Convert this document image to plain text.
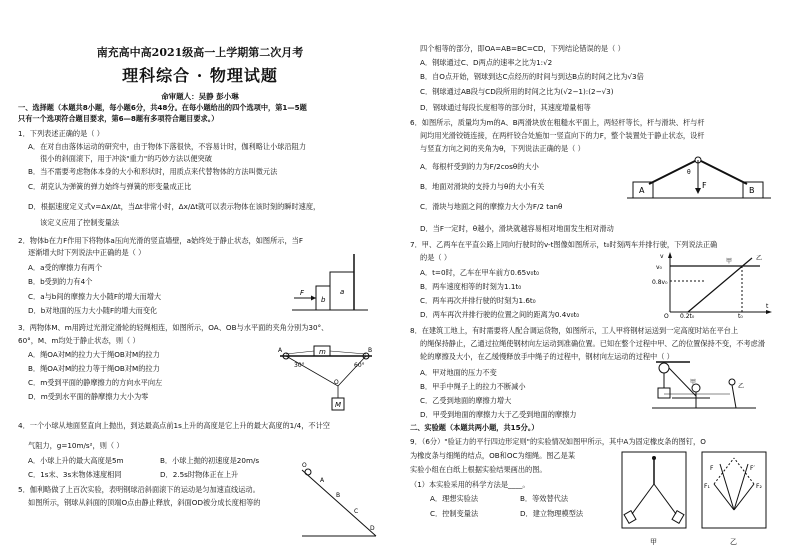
南充高中高2021级高一上学期第二次月考
理科综合 · 物理试题
命审题人：吴静 彭小琳
一、选择题（本题共8小题，每小题6分，共48分。在每小题给出的四个选项中，第1—5题
只有一个选项符合题目要求，第6—8题有多项符合题目要求。）
1．下列表述正确的是（ ）
A．在对自由落体运动的研究中，由于物体下落很快，不容易计时，伽利略让小球沿阻力
很小的斜面滚下，用于冲淡"重力"的巧妙方法以便突破
B．当不需要考虑物体本身的大小和形状时，用质点来代替物体的方法叫微元法
C．胡克认为弹簧的弹力始终与弹簧的形变量成正比
D．根据速度定义式v=Δx/Δt，当Δt非常小时，Δx/Δt就可以表示物体在该时刻的瞬时速度，
该定义应用了控制变量法
2．物体b在力F作用下将物体a压向光滑的竖直墙壁，a始终处于静止状态，如图所示，当F
逐渐增大时下列说法中正确的是（ ）
A．a受的摩擦力有两个
B．b受到的力有4个
C．a与b间的摩擦力大小随F的增大而增大
D．b对地面的压力大小随F的增大而变化
F
b
a
3．两物体M、m用跨过光滑定滑轮的轻绳相连，如图所示，OA、OB与水平面的夹角分别为30°、
60°，M、m均处于静止状态，则（ ）
A．绳OA对M的拉力大于绳OB对M的拉力
B．绳OA对M的拉力等于绳OB对M的拉力
C．m受到平面的静摩擦力的方向水平向左
D．m受到水平面的静摩擦力大小为零
m
M
A	B
O
30°	60°
4．一个小球从地面竖直向上抛出，到达最高点前1s上升的高度是它上升的最大高度的1/4，不计空
气阻力，g=10m/s²，则（ ）
A．小球上升的最大高度是5m	B．小球上抛的初速度是20m/s
C．1s末、3s末物体速度相同	D．2.5s时物体正在上升
5．伽利略做了上百次实验，表明钢球沿斜面滚下的运动是匀加速直线运动。
如图所示，钢球从斜面的顶端O点由静止释放，斜面OD被分成长度相等的
O
A
B
C
D
四个相等的部分，即OA=AB=BC=CD，下列结论错误的是（ ）
A．钢球通过C、D两点的速率之比为1:√2
B．自O点开始，钢球到达C点经历的时间与到达B点的时间之比为√3倍
C．钢球通过AB段与CD段所用的时间之比为(√2−1):(2−√3)
D．钢球通过每段长度相等的部分时，其速度增量相等
6．如图所示，质量均为m的A、B两滑块放在粗糙水平面上，两轻杆等长，杆与滑块、杆与杆
间均用光滑铰链连接，在两杆铰合处施加一竖直向下的力F，整个装置处于静止状态，设杆
与竖直方向之间的夹角为θ，下列说法正确的是（ ）
A．每根杆受到的力为F/2cosθ的大小
B．地面对滑块的支持力与θ的大小有关
C．滑块与地面之间的摩擦力大小为F/2 tanθ
D．当F一定时，θ越小，滑块就越容易相对地面发生相对滑动
A	B
F
θ
7．甲、乙两车在平直公路上同向行驶时的v-t图像如图所示，t₀时刻两车并排行驶，下列说法正确
的是（ ）
A．t=0时，乙车在甲车前方0.65v₀t₀
B．两车速度相等的时刻为1.1t₀
C．两车再次并排行驶的时刻为1.6t₀
D．两车再次并排行驶的位置之间的距离为0.4v₀t₀
v
v₀
0.8v₀
t
O 0.2t₀	t₀
甲	乙
8．在建筑工地上，有时需要将人配合调运货物，如图所示，工人甲将钢材运送到一定高度时站在平台上
的绳保持静止，乙通过拉绳使钢材向左运动到准确位置。已知在整个过程中甲、乙的位置保持不变，不考虑滑
轮的摩擦及大小，在乙缓慢释放手中绳子的过程中，钢材向左运动的过程中（ ）
A．甲对地面的压力不变
B．甲手中绳子上的拉力不断减小
C．乙受到地面的摩擦力增大
D．甲受到地面的摩擦力大于乙受到地面的摩擦力
甲
乙
二、实验题（本题共两小题，共15分。）
9．（6分）"验证力的平行四边形定则"的实验情况如图甲所示，其中A为固定橡皮条的图钉，O
为橡皮条与细绳的结点，OB和OC为细绳。图乙是某
实验小组在白纸上根据实验结果画出的图。
（1）本实验采用的科学方法是____。
A．理想实验法	B．等效替代法
C．控制变量法	D．建立物理模型法
甲
F	F′
F₁	F₂
乙
